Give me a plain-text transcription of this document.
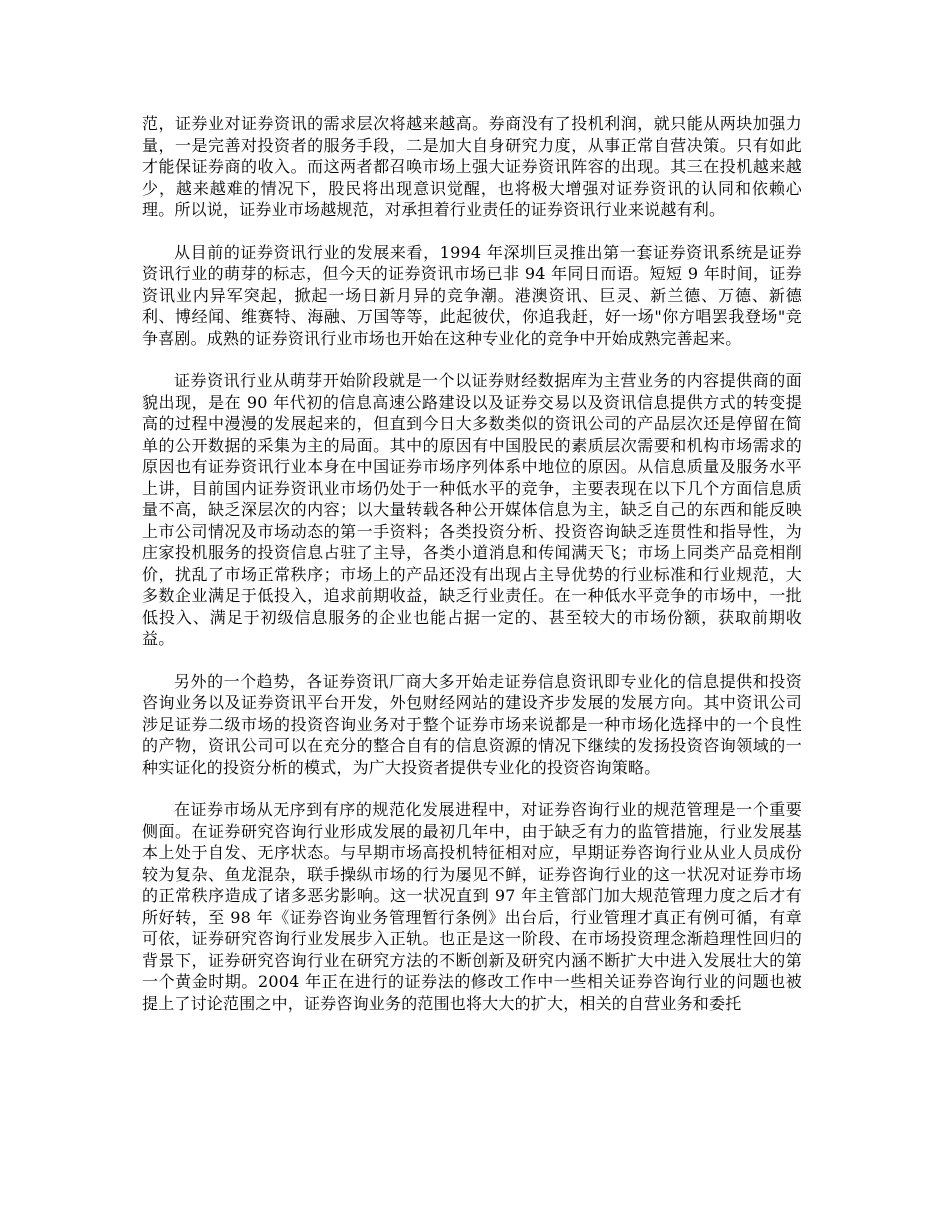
范，证券业对证券资讯的需求层次将越来越高。券商没有了投机利润，就只能从两块加强力量，一是完善对投资者的服务手段，二是加大自身研究力度，从事正常自营决策。只有如此才能保证券商的收入。而这两者都召唤市场上强大证券资讯阵容的出现。其三在投机越来越少，越来越难的情况下，股民将出现意识觉醒，也将极大增强对证券资讯的认同和依赖心理。所以说，证券业市场越规范，对承担着行业责任的证券资讯行业来说越有利。

从目前的证券资讯行业的发展来看，1994 年深圳巨灵推出第一套证券资讯系统是证券资讯行业的萌芽的标志，但今天的证券资讯市场已非 94 年同日而语。短短 9 年时间，证券资讯业内异军突起，掀起一场日新月异的竞争潮。港澳资讯、巨灵、新兰德、万德、新德利、博经闻、维赛特、海融、万国等等，此起彼伏，你追我赶，好一场"你方唱罢我登场"竞争喜剧。成熟的证券资讯行业市场也开始在这种专业化的竞争中开始成熟完善起来。

证券资讯行业从萌芽开始阶段就是一个以证券财经数据库为主营业务的内容提供商的面貌出现，是在 90 年代初的信息高速公路建设以及证券交易以及资讯信息提供方式的转变提高的过程中漫漫的发展起来的，但直到今日大多数类似的资讯公司的产品层次还是停留在简单的公开数据的采集为主的局面。其中的原因有中国股民的素质层次需要和机构市场需求的原因也有证券资讯行业本身在中国证券市场序列体系中地位的原因。从信息质量及服务水平上讲，目前国内证券资讯业市场仍处于一种低水平的竞争，主要表现在以下几个方面信息质量不高，缺乏深层次的内容；以大量转载各种公开媒体信息为主，缺乏自己的东西和能反映上市公司情况及市场动态的第一手资料；各类投资分析、投资咨询缺乏连贯性和指导性，为庄家投机服务的投资信息占驻了主导，各类小道消息和传闻满天飞；市场上同类产品竞相削价，扰乱了市场正常秩序；市场上的产品还没有出现占主导优势的行业标准和行业规范，大多数企业满足于低投入，追求前期收益，缺乏行业责任。在一种低水平竞争的市场中，一批低投入、满足于初级信息服务的企业也能占据一定的、甚至较大的市场份额，获取前期收益。

另外的一个趋势，各证券资讯厂商大多开始走证券信息资讯即专业化的信息提供和投资咨询业务以及证券资讯平台开发，外包财经网站的建设齐步发展的发展方向。其中资讯公司涉足证券二级市场的投资咨询业务对于整个证券市场来说都是一种市场化选择中的一个良性的产物，资讯公司可以在充分的整合自有的信息资源的情况下继续的发扬投资咨询领域的一种实证化的投资分析的模式，为广大投资者提供专业化的投资咨询策略。

在证券市场从无序到有序的规范化发展进程中，对证券咨询行业的规范管理是一个重要侧面。在证券研究咨询行业形成发展的最初几年中，由于缺乏有力的监管措施，行业发展基本上处于自发、无序状态。与早期市场高投机特征相对应，早期证券咨询行业从业人员成份较为复杂、鱼龙混杂，联手操纵市场的行为屡见不鲜，证券咨询行业的这一状况对证券市场的正常秩序造成了诸多恶劣影响。这一状况直到 97 年主管部门加大规范管理力度之后才有所好转，至 98 年《证券咨询业务管理暂行条例》出台后，行业管理才真正有例可循，有章可依，证券研究咨询行业发展步入正轨。也正是这一阶段、在市场投资理念渐趋理性回归的背景下，证券研究咨询行业在研究方法的不断创新及研究内涵不断扩大中进入发展壮大的第一个黄金时期。2004 年正在进行的证券法的修改工作中一些相关证券咨询行业的问题也被提上了讨论范围之中，证券咨询业务的范围也将大大的扩大，相关的自营业务和委托
